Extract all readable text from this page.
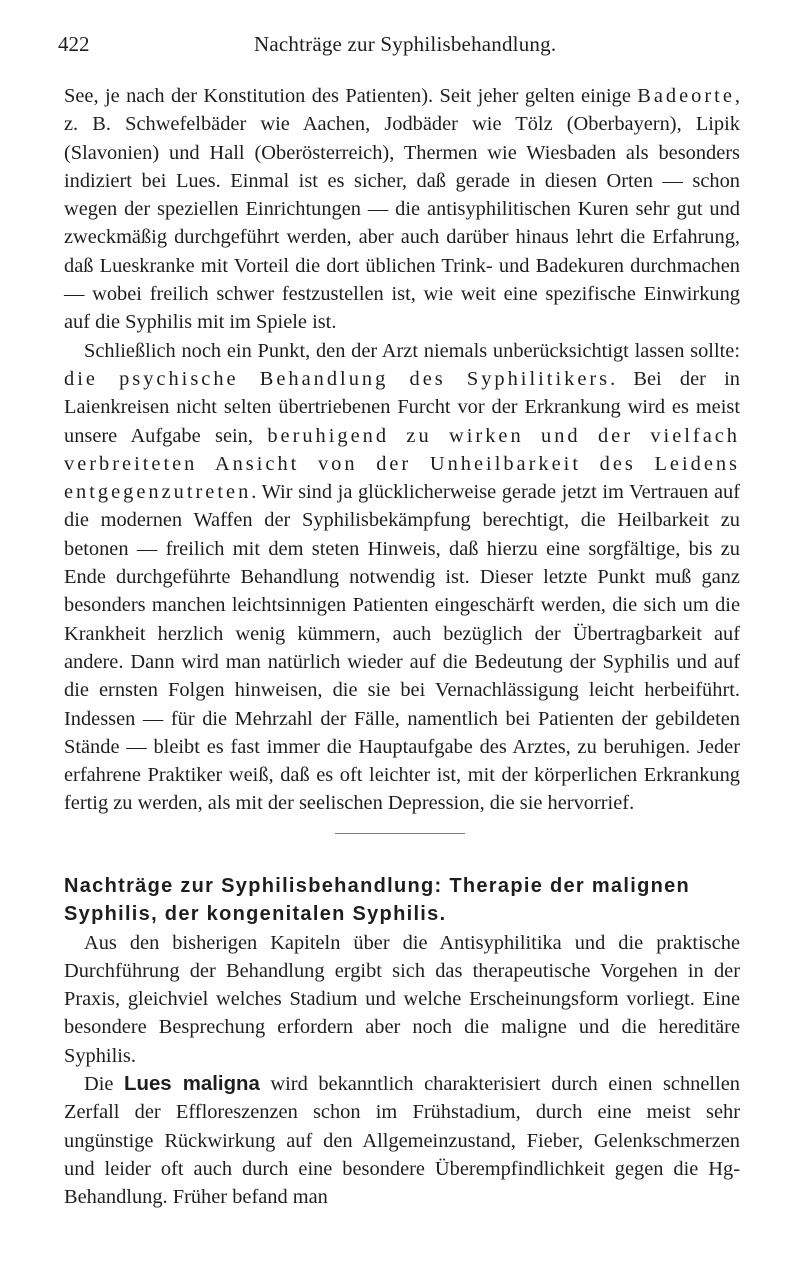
422	Nachträge zur Syphilisbehandlung.

See, je nach der Konstitution des Patienten). Seit jeher gelten einige Badeorte, z. B. Schwefelbäder wie Aachen, Jodbäder wie Tölz (Oberbayern), Lipik (Slavonien) und Hall (Oberösterreich), Thermen wie Wiesbaden als besonders indiziert bei Lues. Einmal ist es sicher, daß gerade in diesen Orten — schon wegen der speziellen Einrichtungen — die antisyphilitischen Kuren sehr gut und zweckmäßig durchgeführt werden, aber auch darüber hinaus lehrt die Erfahrung, daß Lueskranke mit Vorteil die dort üblichen Trink- und Badekuren durchmachen — wobei freilich schwer festzustellen ist, wie weit eine spezifische Einwirkung auf die Syphilis mit im Spiele ist.

Schließlich noch ein Punkt, den der Arzt niemals unberücksichtigt lassen sollte: die psychische Behandlung des Syphilitikers. Bei der in Laienkreisen nicht selten übertriebenen Furcht vor der Erkrankung wird es meist unsere Aufgabe sein, beruhigend zu wirken und der vielfach verbreiteten Ansicht von der Unheilbarkeit des Leidens entgegenzutreten. Wir sind ja glücklicherweise gerade jetzt im Vertrauen auf die modernen Waffen der Syphilisbekämpfung berechtigt, die Heilbarkeit zu betonen — freilich mit dem steten Hinweis, daß hierzu eine sorgfältige, bis zu Ende durchgeführte Behandlung notwendig ist. Dieser letzte Punkt muß ganz besonders manchen leichtsinnigen Patienten eingeschärft werden, die sich um die Krankheit herzlich wenig kümmern, auch bezüglich der Übertragbarkeit auf andere. Dann wird man natürlich wieder auf die Bedeutung der Syphilis und auf die ernsten Folgen hinweisen, die sie bei Vernachlässigung leicht herbeiführt. Indessen — für die Mehrzahl der Fälle, namentlich bei Patienten der gebildeten Stände — bleibt es fast immer die Hauptaufgabe des Arztes, zu beruhigen. Jeder erfahrene Praktiker weiß, daß es oft leichter ist, mit der körperlichen Erkrankung fertig zu werden, als mit der seelischen Depression, die sie hervorrief.

Nachträge zur Syphilisbehandlung: Therapie der malignen Syphilis, der kongenitalen Syphilis.

Aus den bisherigen Kapiteln über die Antisyphilitika und die praktische Durchführung der Behandlung ergibt sich das therapeutische Vorgehen in der Praxis, gleichviel welches Stadium und welche Erscheinungsform vorliegt. Eine besondere Besprechung erfordern aber noch die maligne und die hereditäre Syphilis.

Die Lues maligna wird bekanntlich charakterisiert durch einen schnellen Zerfall der Effloreszenzen schon im Frühstadium, durch eine meist sehr ungünstige Rückwirkung auf den Allgemeinzustand, Fieber, Gelenkschmerzen und leider oft auch durch eine besondere Überempfindlichkeit gegen die Hg-Behandlung. Früher befand man
